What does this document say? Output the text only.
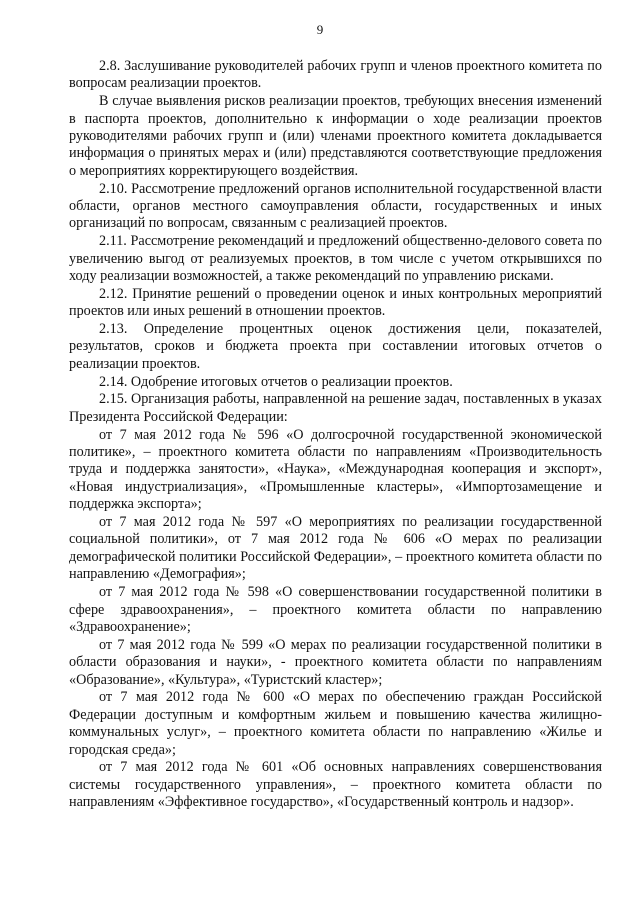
9

2.8. Заслушивание руководителей рабочих групп и членов проектного комитета по вопросам реализации проектов.

В случае выявления рисков реализации проектов, требующих внесения изменений в паспорта проектов, дополнительно к информации о ходе реализации проектов руководителями рабочих групп и (или) членами проектного комитета докладывается информация о принятых мерах и (или) представляются соответствующие предложения о мероприятиях корректирующего воздействия.

2.10. Рассмотрение предложений органов исполнительной государственной власти области, органов местного самоуправления области, государственных и иных организаций по вопросам, связанным с реализацией проектов.

2.11. Рассмотрение рекомендаций и предложений общественно-делового совета по увеличению выгод от реализуемых проектов, в том числе с учетом открывшихся по ходу реализации возможностей, а также рекомендаций по управлению рисками.

2.12. Принятие решений о проведении оценок и иных контрольных мероприятий проектов или иных решений в отношении проектов.

2.13. Определение процентных оценок достижения цели, показателей, результатов, сроков и бюджета проекта при составлении итоговых отчетов о реализации проектов.

2.14. Одобрение итоговых отчетов о реализации проектов.

2.15. Организация работы, направленной на решение задач, поставленных в указах Президента Российской Федерации:

от 7 мая 2012 года № 596 «О долгосрочной государственной экономической политике», – проектного комитета области по направлениям «Производительность труда и поддержка занятости», «Наука», «Международная кооперация и экспорт», «Новая индустриализация», «Промышленные кластеры», «Импортозамещение и поддержка экспорта»;

от 7 мая 2012 года № 597 «О мероприятиях по реализации государственной социальной политики», от 7 мая 2012 года № 606 «О мерах по реализации демографической политики Российской Федерации», – проектного комитета области по направлению «Демография»;

от 7 мая 2012 года № 598 «О совершенствовании государственной политики в сфере здравоохранения», – проектного комитета области по направлению «Здравоохранение»;

от 7 мая 2012 года № 599 «О мерах по реализации государственной политики в области образования и науки», - проектного комитета области по направлениям «Образование», «Культура», «Туристский кластер»;

от 7 мая 2012 года № 600 «О мерах по обеспечению граждан Российской Федерации доступным и комфортным жильем и повышению качества жилищно-коммунальных услуг», – проектного комитета области по направлению «Жилье и городская среда»;

от 7 мая 2012 года № 601 «Об основных направлениях совершенствования системы государственного управления», – проектного комитета области по направлениям «Эффективное государство», «Государственный контроль и надзор».
